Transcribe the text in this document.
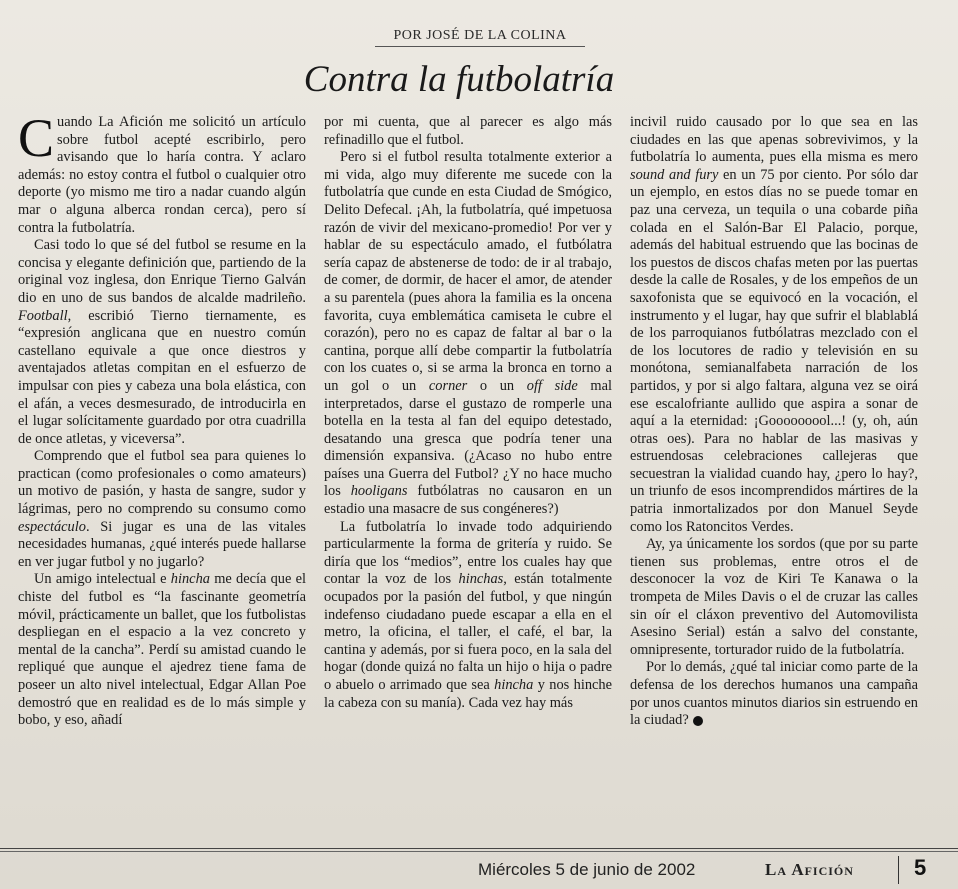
POR JOSÉ DE LA COLINA
Contra la futbolatría

Cuando La Afición me solicitó un artículo sobre futbol acepté escribirlo, pero avisando que lo haría contra. Y aclaro además: no estoy contra el futbol o cualquier otro deporte (yo mismo me tiro a nadar cuando algún mar o alguna alberca rondan cerca), pero sí contra la futbolatría.

Casi todo lo que sé del futbol se resume en la concisa y elegante definición que, partiendo de la original voz inglesa, don Enrique Tierno Galván dio en uno de sus bandos de alcalde madrileño. Football, escribió Tierno tiernamente, es “expresión anglicana que en nuestro común castellano equivale a que once diestros y aventajados atletas compitan en el esfuerzo de impulsar con pies y cabeza una bola elástica, con el afán, a veces desmesurado, de introducirla en el lugar solícitamente guardado por otra cuadrilla de once atletas, y viceversa”.

Comprendo que el futbol sea para quienes lo practican (como profesionales o como amateurs) un motivo de pasión, y hasta de sangre, sudor y lágrimas, pero no comprendo su consumo como espectáculo. Si jugar es una de las vitales necesidades humanas, ¿qué interés puede hallarse en ver jugar futbol y no jugarlo?

Un amigo intelectual e hincha me decía que el chiste del futbol es “la fascinante geometría móvil, prácticamente un ballet, que los futbolistas despliegan en el espacio a la vez concreto y mental de la cancha”. Perdí su amistad cuando le repliqué que aunque el ajedrez tiene fama de poseer un alto nivel intelectual, Edgar Allan Poe demostró que en realidad es de lo más simple y bobo, y eso, añadí

por mi cuenta, que al parecer es algo más refinadillo que el futbol.

Pero si el futbol resulta totalmente exterior a mi vida, algo muy diferente me sucede con la futbolatría que cunde en esta Ciudad de Smógico, Delito Defecal. ¡Ah, la futbolatría, qué impetuosa razón de vivir del mexicano-promedio! Por ver y hablar de su espectáculo amado, el futbólatra sería capaz de abstenerse de todo: de ir al trabajo, de comer, de dormir, de hacer el amor, de atender a su parentela (pues ahora la familia es la oncena favorita, cuya emblemática camiseta le cubre el corazón), pero no es capaz de faltar al bar o la cantina, porque allí debe compartir la futbolatría con los cuates o, si se arma la bronca en torno a un gol o un corner o un off side mal interpretados, darse el gustazo de romperle una botella en la testa al fan del equipo detestado, desatando una gresca que podría tener una dimensión expansiva. (¿Acaso no hubo entre países una Guerra del Futbol? ¿Y no hace mucho los hooligans futbólatras no causaron en un estadio una masacre de sus congéneres?)

La futbolatría lo invade todo adquiriendo particularmente la forma de gritería y ruido. Se diría que los “medios”, entre los cuales hay que contar la voz de los hinchas, están totalmente ocupados por la pasión del futbol, y que ningún indefenso ciudadano puede escapar a ella en el metro, la oficina, el taller, el café, el bar, la cantina y además, por si fuera poco, en la sala del hogar (donde quizá no falta un hijo o hija o padre o abuelo o arrimado que sea hincha y nos hinche la cabeza con su manía). Cada vez hay más

incivil ruido causado por lo que sea en las ciudades en las que apenas sobrevivimos, y la futbolatría lo aumenta, pues ella misma es mero sound and fury en un 75 por ciento. Por sólo dar un ejemplo, en estos días no se puede tomar en paz una cerveza, un tequila o una cobarde piña colada en el Salón-Bar El Palacio, porque, además del habitual estruendo que las bocinas de los puestos de discos chafas meten por las puertas desde la calle de Rosales, y de los empeños de un saxofonista que se equivocó en la vocación, el instrumento y el lugar, hay que sufrir el blablablá de los parroquianos futbólatras mezclado con el de los locutores de radio y televisión en su monótona, semianalfabeta narración de los partidos, y por si algo faltara, alguna vez se oirá ese escalofriante aullido que aspira a sonar de aquí a la eternidad: ¡Gooooooool...! (y, oh, aún otras oes). Para no hablar de las masivas y estruendosas celebraciones callejeras que secuestran la vialidad cuando hay, ¿pero lo hay?, un triunfo de esos incomprendidos mártires de la patria inmortalizados por don Manuel Seyde como los Ratoncitos Verdes.

Ay, ya únicamente los sordos (que por su parte tienen sus problemas, entre otros el de desconocer la voz de Kiri Te Kanawa o la trompeta de Miles Davis o el de cruzar las calles sin oír el cláxon preventivo del Automovilista Asesino Serial) están a salvo del constante, omnipresente, torturador ruido de la futbolatría.

Por lo demás, ¿qué tal iniciar como parte de la defensa de los derechos humanos una campaña por unos cuantos minutos diarios sin estruendo en la ciudad?

Miércoles 5 de junio de 2002	La Afición	5
